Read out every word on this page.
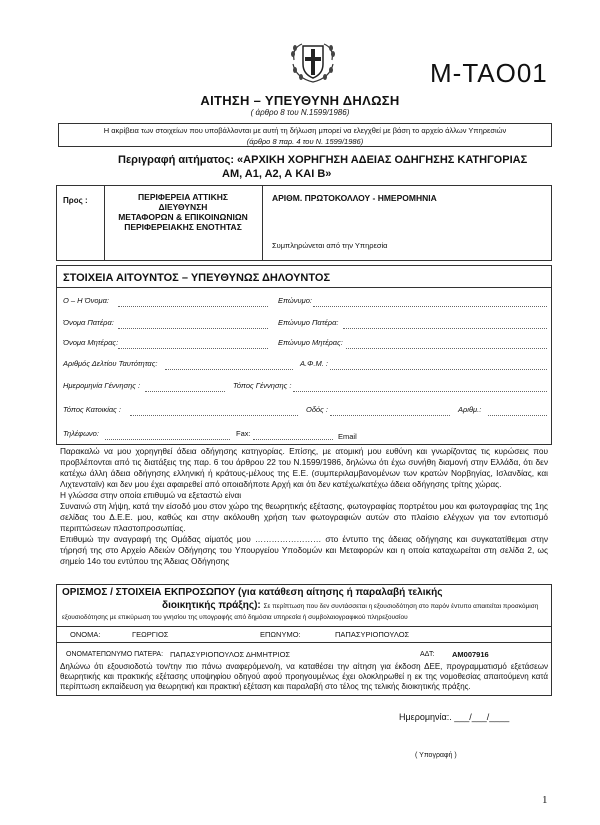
M-TAO01
ΑΙΤΗΣΗ – ΥΠΕΥΘΥΝΗ ΔΗΛΩΣΗ
( άρθρο 8 του Ν.1599/1986)
Η ακρίβεια των στοιχείων που υποβάλλονται με αυτή τη δήλωση μπορεί να ελεγχθεί με βάση το αρχείο άλλων Υπηρεσιών
(άρθρο 8 παρ. 4 του Ν. 1599/1986)
Περιγραφή αιτήματος: «ΑΡΧΙΚΗ ΧΟΡΗΓΗΣΗ ΑΔΕΙΑΣ ΟΔΗΓΗΣΗΣ ΚΑΤΗΓΟΡΙΑΣ
ΑΜ, Α1, Α2, Α ΚΑΙ Β»
Προς :	ΠΕΡΙΦΕΡΕΙΑ ΑΤΤΙΚΗΣ
ΔΙΕΥΘΥΝΣΗ
ΜΕΤΑΦΟΡΩΝ & ΕΠΙΚΟΙΝΩΝΙΩΝ
ΠΕΡΙΦΕΡΕΙΑΚΗΣ ΕΝΟΤΗΤΑΣ
ΑΡΙΘΜ. ΠΡΩΤΟΚΟΛΛΟΥ - ΗΜΕΡΟΜΗΝΙΑ
Συμπληρώνεται από την Υπηρεσία
ΣΤΟΙΧΕΙΑ ΑΙΤΟΥΝΤΟΣ – ΥΠΕΥΘΥΝΩΣ ΔΗΛΟΥΝΤΟΣ
Ο – Η Όνομα:	Επώνυμο:
Όνομα Πατέρα:	Επώνυμο Πατέρα:
Όνομα Μητέρας:	Επώνυμο Μητέρας:
Αριθμός Δελτίου Ταυτότητας:	Α.Φ.Μ. :
Ημερομηνία Γέννησης :	Τόπος Γέννησης :
Τόπος Κατοικίας :	Οδός :	Αριθμ.:
Τηλέφωνο:	Fax:	Email
Παρακαλώ να μου χορηγηθεί άδεια οδήγησης κατηγορίας. Επίσης, με ατομική μου ευθύνη και γνωρίζοντας τις κυρώσεις που προβλέπονται από τις διατάξεις της παρ. 6 του άρθρου 22 του Ν.1599/1986, δηλώνω ότι έχω συνήθη διαμονή στην Ελλάδα, ότι δεν κατέχω άλλη άδεια οδήγησης ελληνική ή κράτους-μέλους της Ε.Ε. (συμπεριλαμβανομένων των κρατών Νορβηγίας, Ισλανδίας, και Λιχτενσταϊν) και δεν μου έχει αφαιρεθεί από οποιαδήποτε Αρχή και ότι δεν κατέχω/κατέχω άδεια οδήγησης τρίτης χώρας.
Η γλώσσα στην οποία επιθυμώ να εξεταστώ είναι
Συναινώ στη λήψη, κατά την είσοδό μου στον χώρο της θεωρητικής εξέτασης, φωτογραφίας πορτρέτου μου και φωτογραφίας της 1ης σελίδας του Δ.Ε.Ε. μου, καθώς και στην ακόλουθη χρήση των φωτογραφιών αυτών στο πλαίσιο ελέγχων για τον εντοπισμό περιπτώσεων πλαστοπροσωπίας.
Επιθυμώ την αναγραφή της Ομάδας αίματός μου …………………… στο έντυπο της άδειας οδήγησης και συγκατατίθεμαι στην τήρησή της στο Αρχείο Αδειών Οδήγησης του Υπουργείου Υποδομών και Μεταφορών και η οποία καταχωρείται στη σελίδα 2, ως σημείο 14ο του εντύπου της Άδειας Οδήγησης
ΟΡΙΣΜΟΣ / ΣΤΟΙΧΕΙΑ ΕΚΠΡΟΣΩΠΟΥ (για κατάθεση αίτησης ή παραλαβή τελικής
διοικητικής πράξης): Σε περίπτωση που δεν συντάσσεται η εξουσιοδότηση στο παρόν έντυπο απαιτείται προσκόμιση
εξουσιοδότησης με επικύρωση του γνησίου της υπογραφής από δημόσια υπηρεσία ή συμβολαιογραφικού πληρεξουσίου
ΟΝΟΜΑ:	ΓΕΩΡΓΙΟΣ	ΕΠΩΝΥΜΟ:	ΠΑΠΑΣΥΡΙΟΠΟΥΛΟΣ
ΟΝΟΜΑΤΕΠΩΝΥΜΟ ΠΑΤΕΡΑ: ΠΑΠΑΣΥΡΙΟΠΟΥΛΟΣ ΔΗΜΗΤΡΙΟΣ	ΑΔΤ: ΑΜ007916
Δηλώνω ότι εξουσιοδοτώ τον/την πιο πάνω αναφερόμενο/η, να καταθέσει την αίτηση για έκδοση ΔΕΕ, προγραμματισμό εξετάσεων θεωρητικής και πρακτικής εξέτασης υποψηφίου οδηγού αφού προηγουμένως έχει ολοκληρωθεί η εκ της νομοθεσίας απαιτούμενη κατά περίπτωση εκπαίδευση για θεωρητική και πρακτική εξέταση και παραλαβή στο τέλος της τελικής διοικητικής πράξης.
Ημερομηνία:. ___/___/____
( Υπογραφή )
1
